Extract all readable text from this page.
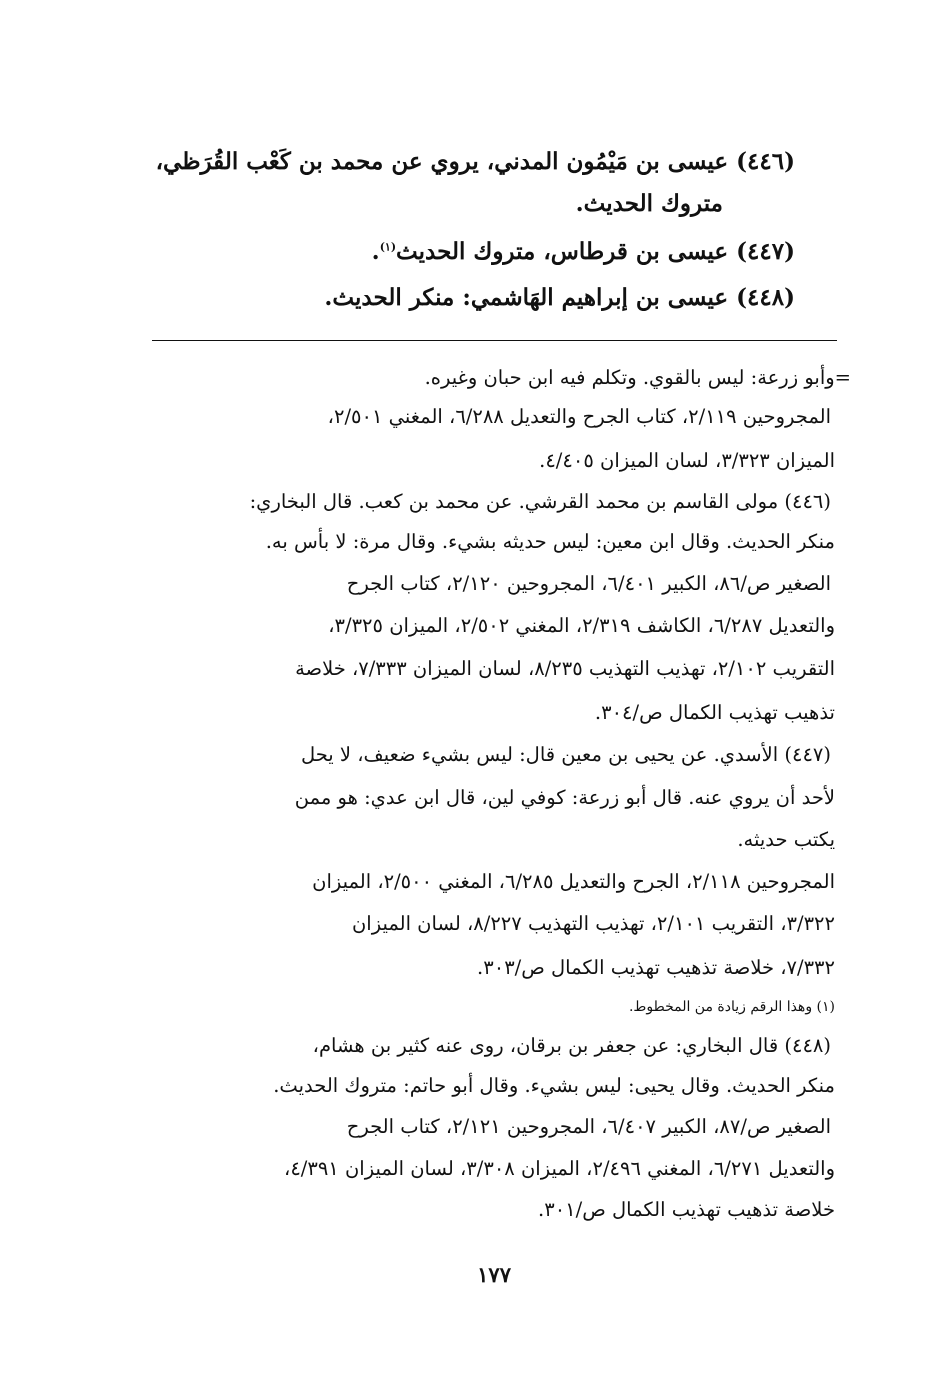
(٤٤٦) عيسى بن مَيْمُون المدني، يروي عن محمد بن كَعْب القُرَظي،
متروك الحديث.
(٤٤٧) عيسى بن قرطاس، متروك الحديث$^{(١)}$.
(٤٤٨) عيسى بن إبراهيم الهَاشمي: منكر الحديث.
=وأبو زرعة: ليس بالقوي. وتكلم فيه ابن حبان وغيره.
المجروحين ٢/١١٩، كتاب الجرح والتعديل ٦/٢٨٨، المغني ٢/٥٠١،
الميزان ٣/٣٢٣، لسان الميزان ٤/٤٠٥.
(٤٤٦) مولى القاسم بن محمد القرشي. عن محمد بن كعب. قال البخاري:
منكر الحديث. وقال ابن معين: ليس حديثه بشيء. وقال مرة: لا بأس به.
الصغير ص/٨٦، الكبير ٦/٤٠١، المجروحين ٢/١٢٠، كتاب الجرح
والتعديل ٦/٢٨٧، الكاشف ٢/٣١٩، المغني ٢/٥٠٢، الميزان ٣/٣٢٥،
التقريب ٢/١٠٢، تهذيب التهذيب ٨/٢٣٥، لسان الميزان ٧/٣٣٣، خلاصة
تذهيب تهذيب الكمال ص/٣٠٤.
(٤٤٧) الأسدي. عن يحيى بن معين قال: ليس بشيء ضعيف، لا يحل
لأحد أن يروي عنه. قال أبو زرعة: كوفي لين، قال ابن عدي: هو ممن
يكتب حديثه.
المجروحين ٢/١١٨، الجرح والتعديل ٦/٢٨٥، المغني ٢/٥٠٠، الميزان
٣/٣٢٢، التقريب ٢/١٠١، تهذيب التهذيب ٨/٢٢٧، لسان الميزان
٧/٣٣٢، خلاصة تذهيب تهذيب الكمال ص/٣٠٣.
(١) وهذا الرقم زيادة من المخطوط.
(٤٤٨) قال البخاري: عن جعفر بن برقان، روى عنه كثير بن هشام،
منكر الحديث. وقال يحيى: ليس بشيء. وقال أبو حاتم: متروك الحديث.
الصغير ص/٨٧، الكبير ٦/٤٠٧، المجروحين ٢/١٢١، كتاب الجرح
والتعديل ٦/٢٧١، المغني ٢/٤٩٦، الميزان ٣/٣٠٨، لسان الميزان ٤/٣٩١،
خلاصة تذهيب تهذيب الكمال ص/٣٠١.
١٧٧
